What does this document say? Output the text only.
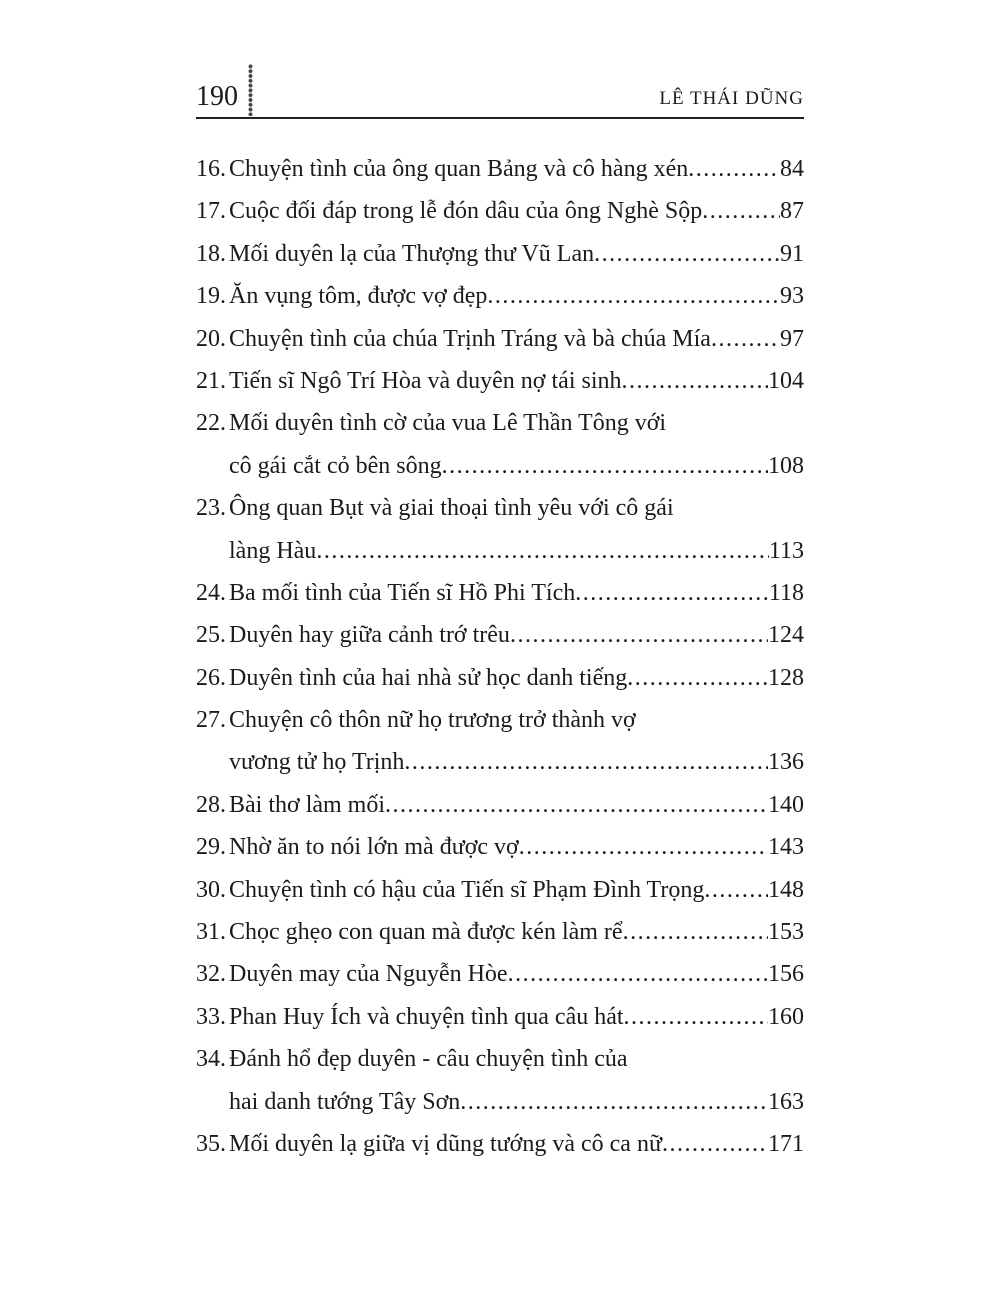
190	LÊ THÁI DŨNG
16. Chuyện tình của ông quan Bảng và cô hàng xén .....	84
17. Cuộc đối đáp trong lễ đón dâu của ông Nghè Sộp .....	87
18. Mối duyên lạ của Thượng thư Vũ Lan .....	91
19. Ăn vụng tôm, được vợ đẹp .....	93
20. Chuyện tình của chúa Trịnh Tráng và bà chúa Mía .....	97
21. Tiến sĩ Ngô Trí Hòa và duyên nợ tái sinh .....	104
22. Mối duyên tình cờ của vua Lê Thần Tông với
cô gái cắt cỏ bên sông .....	108
23. Ông quan Bụt và giai thoại tình yêu với cô gái
làng Hàu .....	113
24. Ba mối tình của Tiến sĩ Hồ Phi Tích .....	118
25. Duyên hay giữa cảnh trớ trêu .....	124
26. Duyên tình của hai nhà sử học danh tiếng .....	128
27. Chuyện cô thôn nữ họ trương trở thành vợ
vương tử họ Trịnh .....	136
28. Bài thơ làm mối .....	140
29. Nhờ ăn to nói lớn mà được vợ .....	143
30. Chuyện tình có hậu của Tiến sĩ Phạm Đình Trọng .....	148
31. Chọc ghẹo con quan mà được kén làm rể .....	153
32. Duyên may của Nguyễn Hòe .....	156
33. Phan Huy Ích và chuyện tình qua câu hát .....	160
34. Đánh hổ đẹp duyên - câu chuyện tình của
hai danh tướng Tây Sơn .....	163
35. Mối duyên lạ giữa vị dũng tướng và cô ca nữ .....	171
